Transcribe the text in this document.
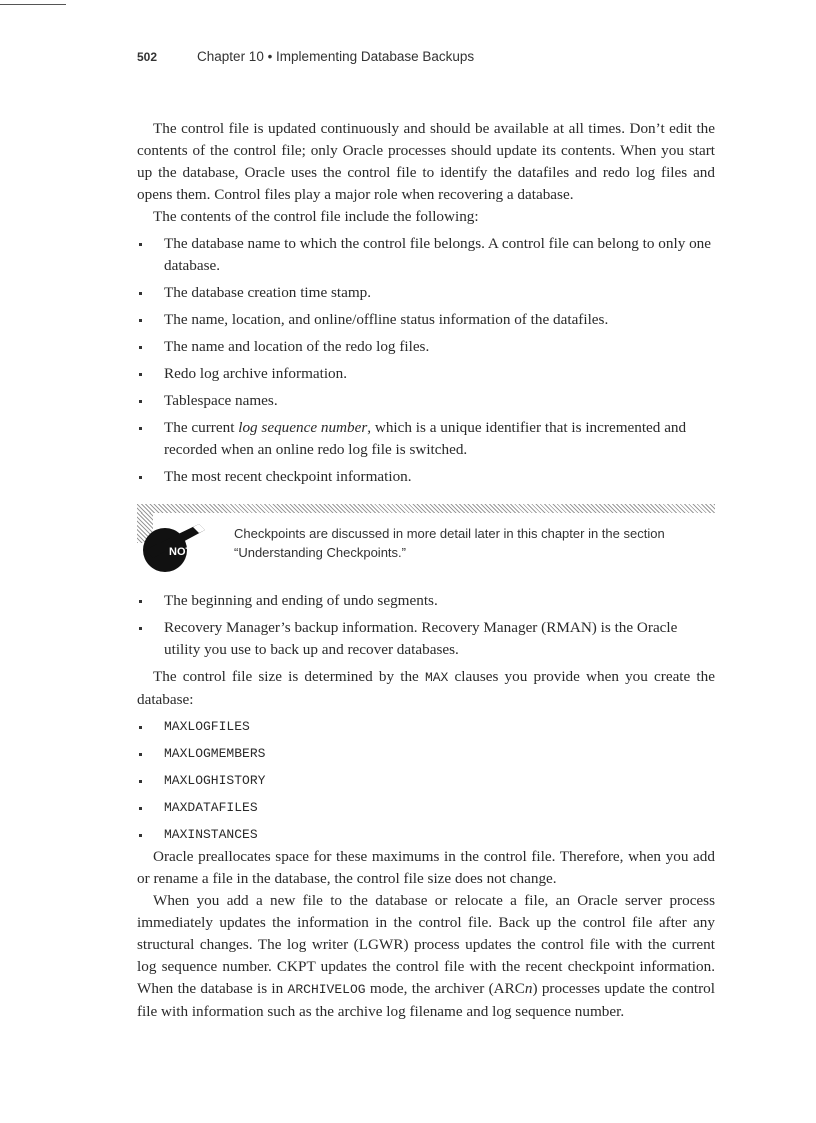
502	Chapter 10 • Implementing Database Backups

The control file is updated continuously and should be available at all times. Don’t edit the contents of the control file; only Oracle processes should update its contents. When you start up the database, Oracle uses the control file to identify the datafiles and redo log files and opens them. Control files play a major role when recovering a database.

The contents of the control file include the following:

The database name to which the control file belongs. A control file can belong to only one database.
The database creation time stamp.
The name, location, and online/offline status information of the datafiles.
The name and location of the redo log files.
Redo log archive information.
Tablespace names.
The current log sequence number, which is a unique identifier that is incremented and recorded when an online redo log file is switched.
The most recent checkpoint information.
NOTE
Checkpoints are discussed in more detail later in this chapter in the section “Understanding Checkpoints.”
The beginning and ending of undo segments.
Recovery Manager’s backup information. Recovery Manager (RMAN) is the Oracle utility you use to back up and recover databases.

The control file size is determined by the MAX clauses you provide when you create the database:

MAXLOGFILES
MAXLOGMEMBERS
MAXLOGHISTORY
MAXDATAFILES
MAXINSTANCES

Oracle preallocates space for these maximums in the control file. Therefore, when you add or rename a file in the database, the control file size does not change.

When you add a new file to the database or relocate a file, an Oracle server process immediately updates the information in the control file. Back up the control file after any structural changes. The log writer (LGWR) process updates the control file with the current log sequence number. CKPT updates the control file with the recent checkpoint information. When the database is in ARCHIVELOG mode, the archiver (ARCn) processes update the control file with information such as the archive log filename and log sequence number.
